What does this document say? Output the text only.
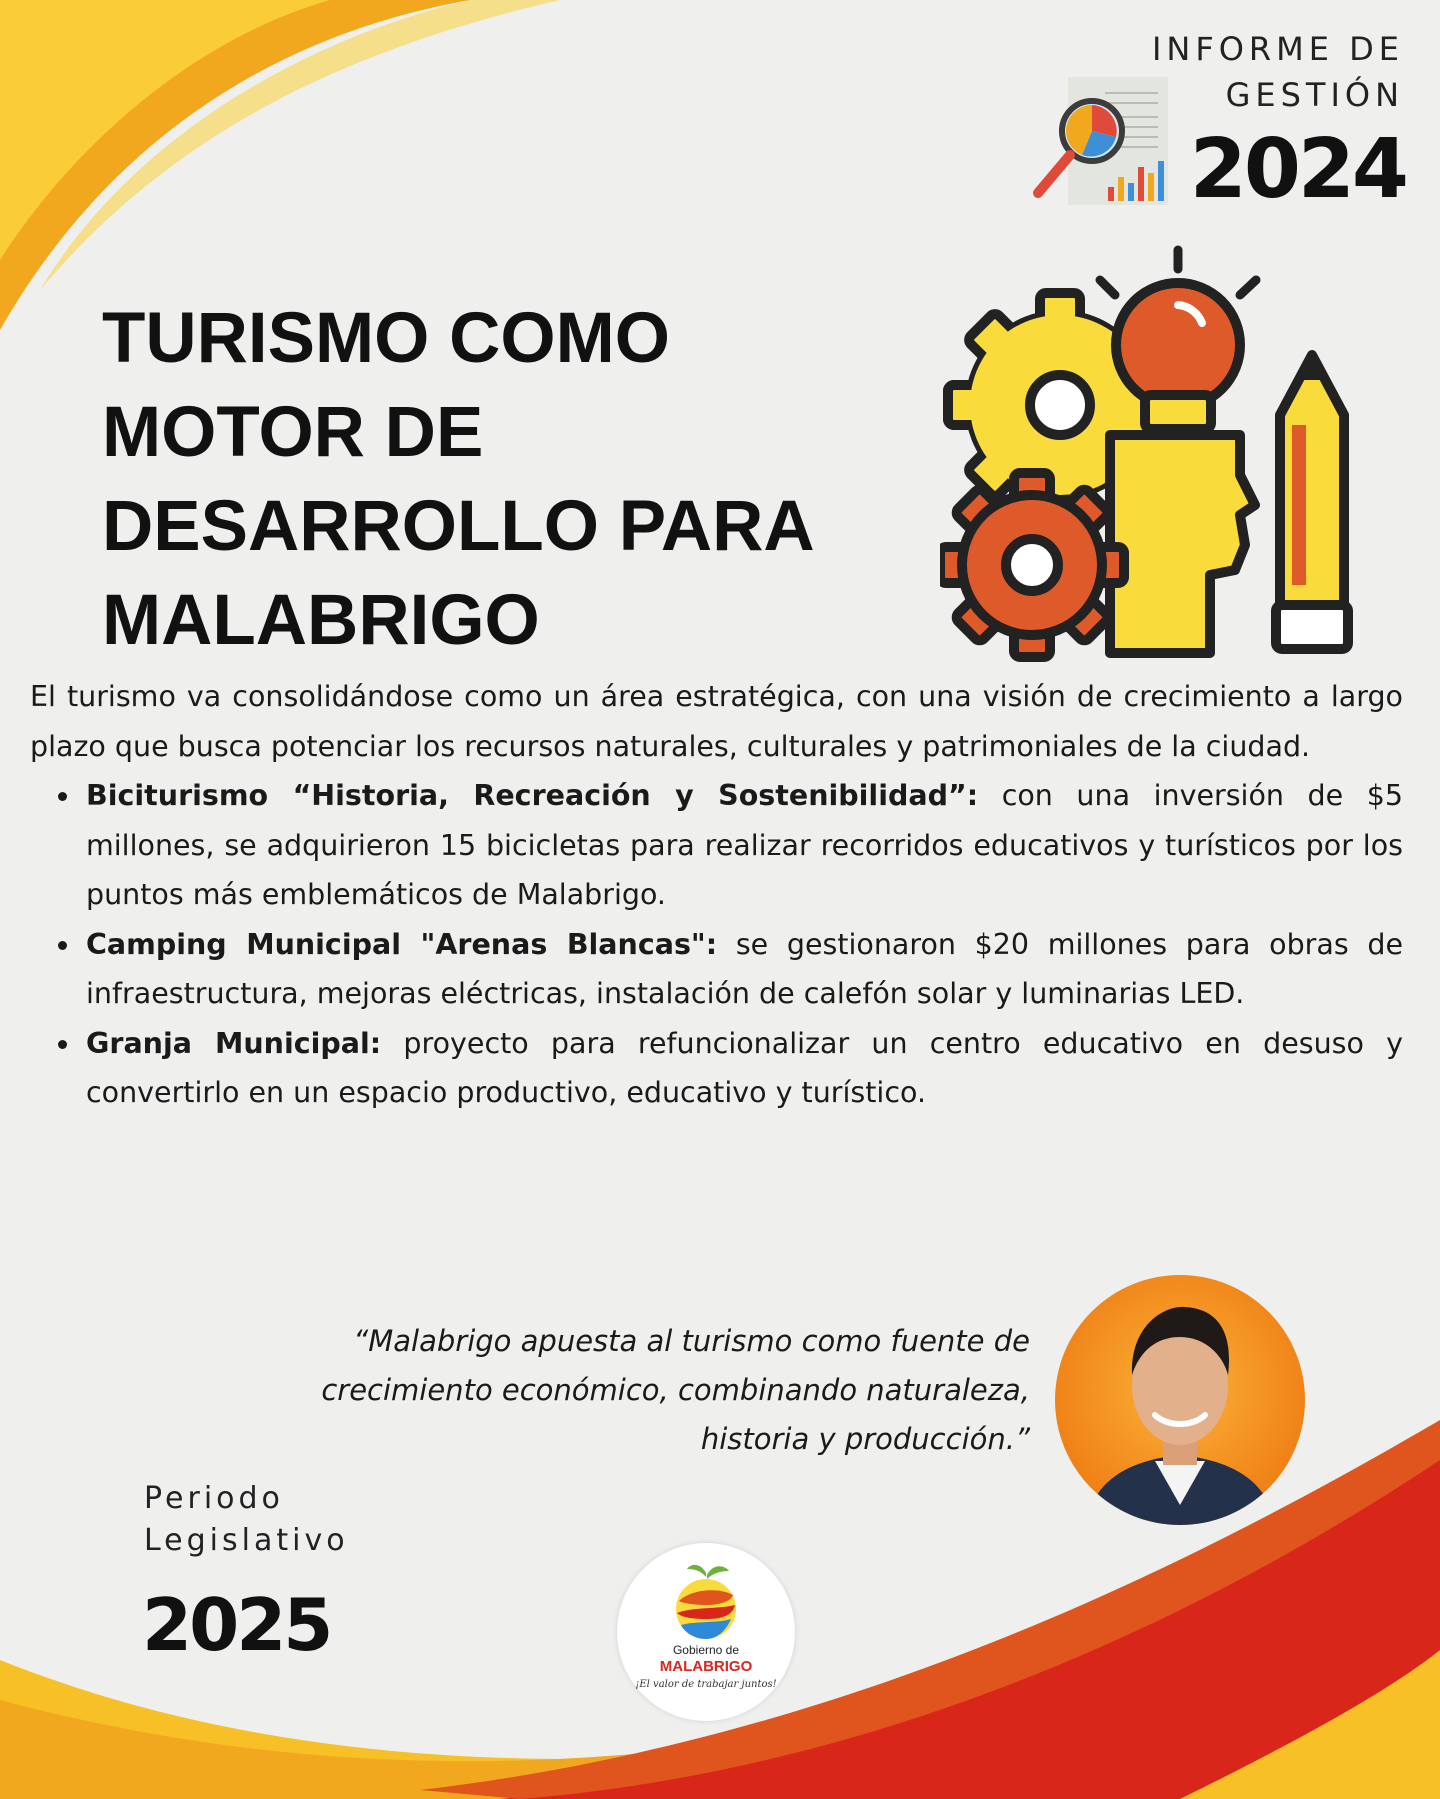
INFORME DE GESTIÓN
2024
TURISMO COMO
MOTOR DE
DESARROLLO PARA
MALABRIGO

El turismo va consolidándose como un área estratégica, con una visión de crecimiento a largo plazo que busca potenciar los recursos naturales, culturales y patrimoniales de la ciudad.

Biciturismo “Historia, Recreación y Sostenibilidad”: con una inversión de $5 millones, se adquirieron 15 bicicletas para realizar recorridos educativos y turísticos por los puntos más emblemáticos de Malabrigo.
Camping Municipal "Arenas Blancas": se gestionaron $20 millones para obras de infraestructura, mejoras eléctricas, instalación de calefón solar y luminarias LED.
Granja Municipal: proyecto para refuncionalizar un centro educativo en desuso y convertirlo en un espacio productivo, educativo y turístico.
“Malabrigo apuesta al turismo como fuente de
crecimiento económico, combinando naturaleza,
historia y producción.”
Periodo
Legislativo
2025	Gobierno de
MALABRIGO
¡El valor de trabajar juntos!
